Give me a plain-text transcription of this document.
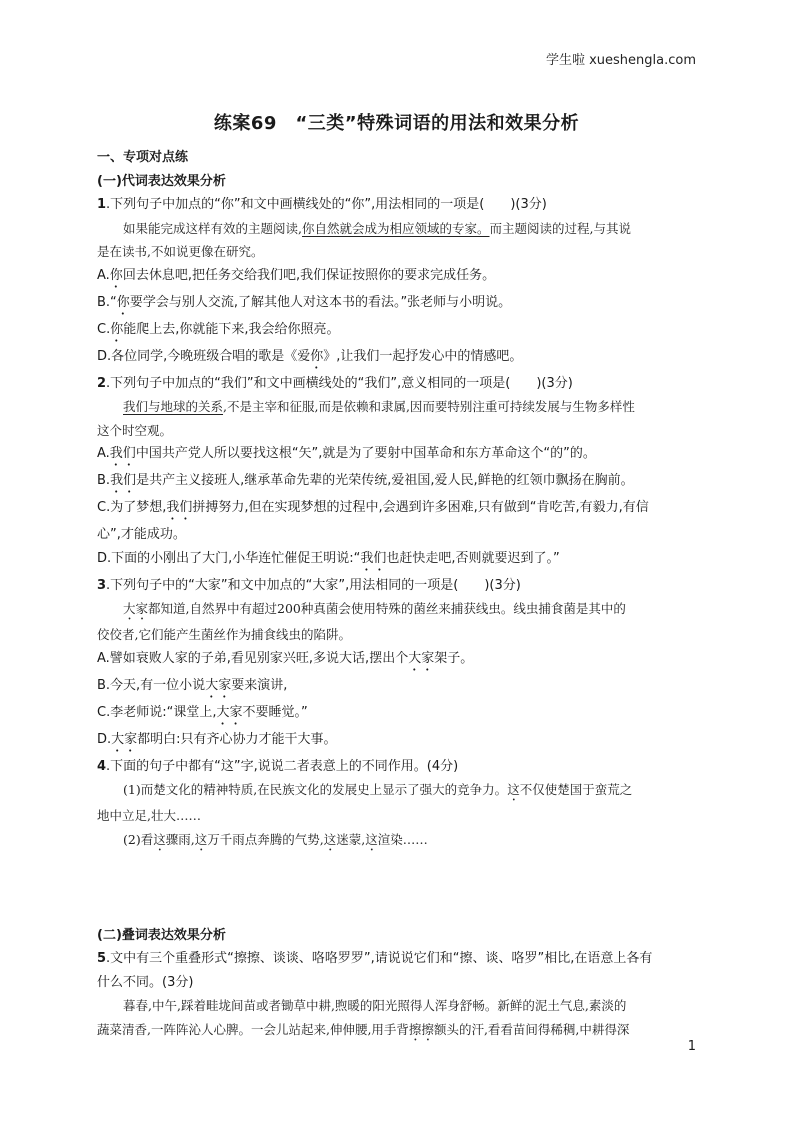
学生啦 xueshengla.com
练案69　“三类”特殊词语的用法和效果分析
一、专项对点练
(一)代词表达效果分析
1.下列句子中加点的“你”和文中画横线处的“你”,用法相同的一项是(　　)(3分)
如果能完成这样有效的主题阅读,你自然就会成为相应领域的专家。而主题阅读的过程,与其说
是在读书,不如说更像在研究。
A.你回去休息吧,把任务交给我们吧,我们保证按照你的要求完成任务。
B.“你要学会与别人交流,了解其他人对这本书的看法。”张老师与小明说。
C.你能爬上去,你就能下来,我会给你照亮。
D.各位同学,今晚班级合唱的歌是《爱你》,让我们一起抒发心中的情感吧。
2.下列句子中加点的“我们”和文中画横线处的“我们”,意义相同的一项是(　　)(3分)
我们与地球的关系,不是主宰和征服,而是依赖和隶属,因而要特别注重可持续发展与生物多样性
这个时空观。
A.我们中国共产党人所以要找这根“矢”,就是为了要射中国革命和东方革命这个“的”的。
B.我们是共产主义接班人,继承革命先辈的光荣传统,爱祖国,爱人民,鲜艳的红领巾飘扬在胸前。
C.为了梦想,我们拼搏努力,但在实现梦想的过程中,会遇到许多困难,只有做到“肯吃苦,有毅力,有信
心”,才能成功。
D.下面的小刚出了大门,小华连忙催促王明说:“我们也赶快走吧,否则就要迟到了。”
3.下列句子中的“大家”和文中加点的“大家”,用法相同的一项是(　　)(3分)
大家都知道,自然界中有超过200种真菌会使用特殊的菌丝来捕获线虫。线虫捕食菌是其中的
佼佼者,它们能产生菌丝作为捕食线虫的陷阱。
A.譬如衰败人家的子弟,看见别家兴旺,多说大话,摆出个大家架子。
B.今天,有一位小说大家要来演讲,
C.李老师说:“课堂上,大家不要睡觉。”
D.大家都明白:只有齐心协力才能干大事。
4.下面的句子中都有“这”字,说说二者表意上的不同作用。(4分)
(1)而楚文化的精神特质,在民族文化的发展史上显示了强大的竞争力。这不仅使楚国于蛮荒之
地中立足,壮大……
(2)看这骤雨,这万千雨点奔腾的气势,这迷蒙,这渲染……
(二)叠词表达效果分析
5.文中有三个重叠形式“擦擦、谈谈、咯咯罗罗”,请说说它们和“擦、谈、咯罗”相比,在语意上各有
什么不同。(3分)
暮春,中午,踩着畦垅间苗或者锄草中耕,煦暖的阳光照得人浑身舒畅。新鲜的泥土气息,素淡的
蔬菜清香,一阵阵沁人心脾。一会儿站起来,伸伸腰,用手背擦擦额头的汗,看看苗间得稀稠,中耕得深
1
